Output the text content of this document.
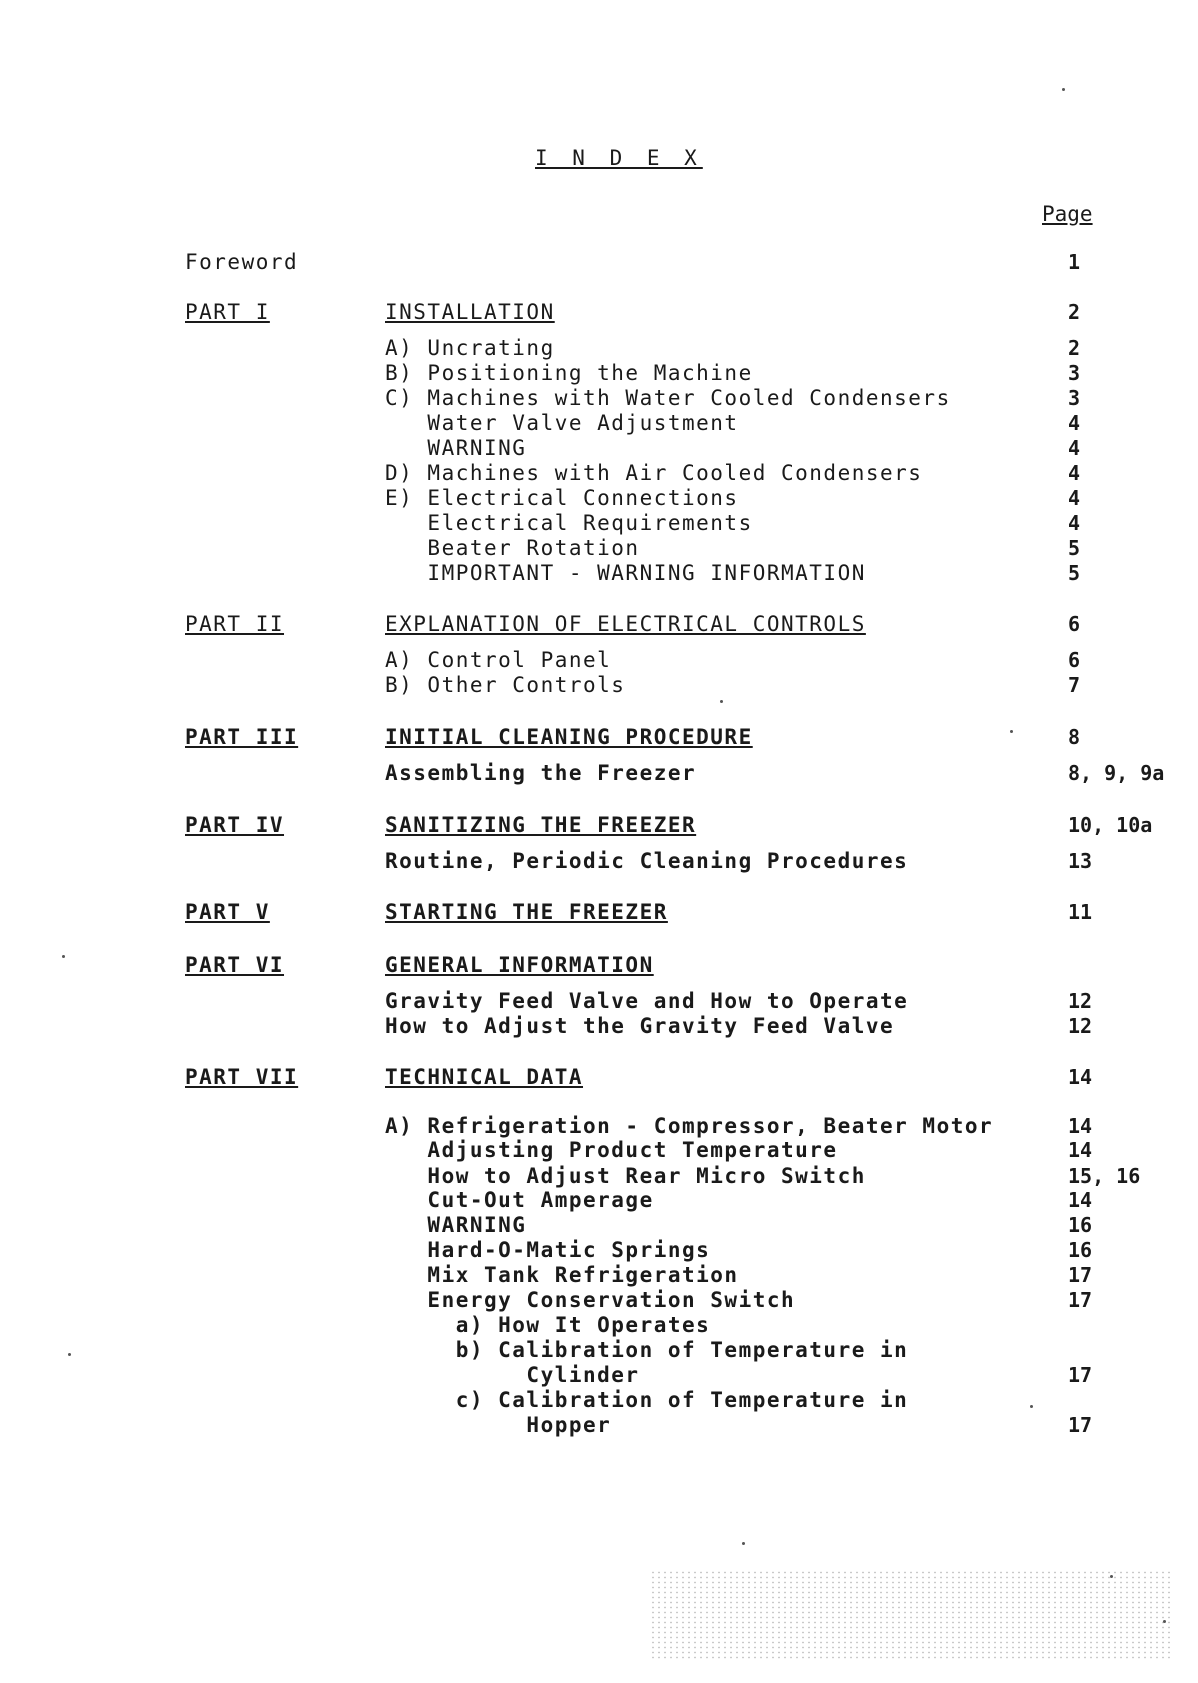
I N D E X
Page
Foreword	1
PART I	INSTALLATION	2
A) Uncrating	2
B) Positioning the Machine	3
C) Machines with Water Cooled Condensers	3
Water Valve Adjustment	4
WARNING	4
D) Machines with Air Cooled Condensers	4
E) Electrical Connections	4
Electrical Requirements	4
Beater Rotation	5
IMPORTANT - WARNING INFORMATION	5
PART II	EXPLANATION OF ELECTRICAL CONTROLS	6
A) Control Panel	6
B) Other Controls	7
PART III	INITIAL CLEANING PROCEDURE	8
Assembling the Freezer	8, 9, 9a
PART IV	SANITIZING THE FREEZER	10, 10a
Routine, Periodic Cleaning Procedures	13
PART V	STARTING THE FREEZER	11
PART VI	GENERAL INFORMATION
Gravity Feed Valve and How to Operate	12
How to Adjust the Gravity Feed Valve	12
PART VII	TECHNICAL DATA	14
A) Refrigeration - Compressor, Beater Motor	14
Adjusting Product Temperature	14
How to Adjust Rear Micro Switch	15, 16
Cut-Out Amperage	14
WARNING	16
Hard-O-Matic Springs	16
Mix Tank Refrigeration	17
Energy Conservation Switch	17
a) How It Operates
b) Calibration of Temperature in
Cylinder	17
c) Calibration of Temperature in
Hopper	17
